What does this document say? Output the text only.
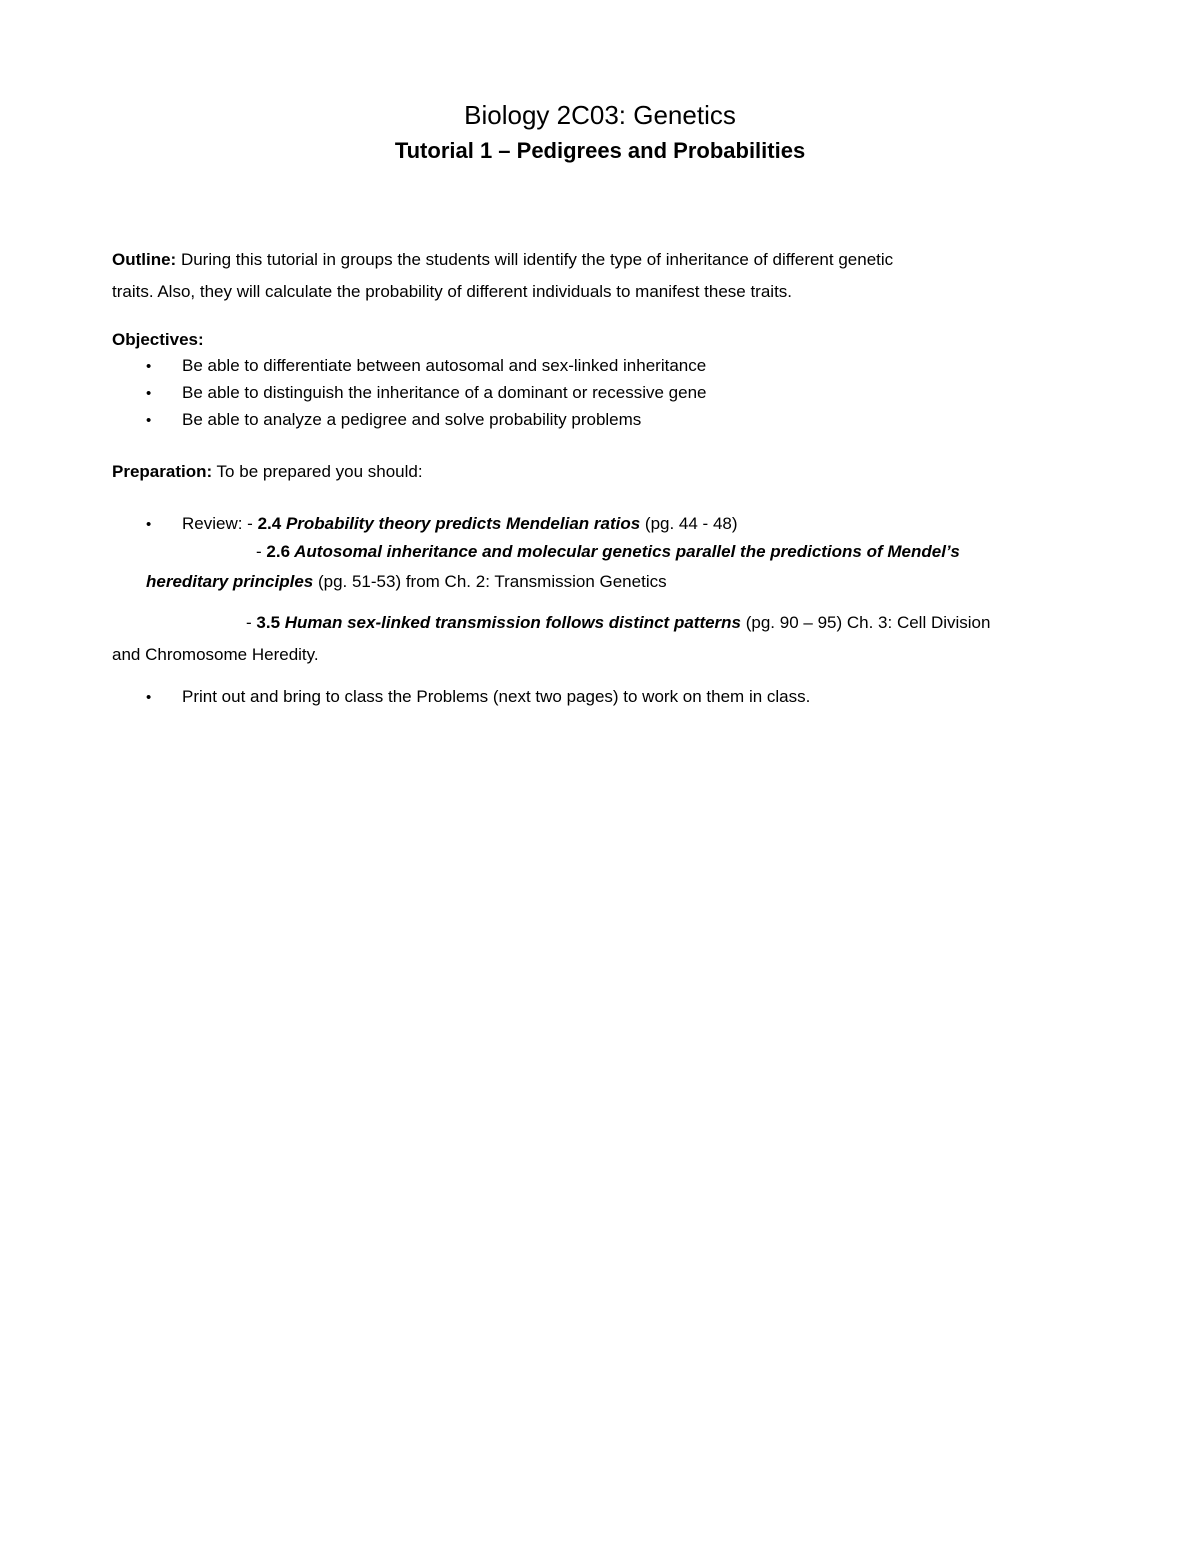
Biology 2C03: Genetics
Tutorial 1 – Pedigrees and Probabilities
Outline: During this tutorial in groups the students will identify the type of inheritance of different genetic
traits. Also, they will calculate the probability of different individuals to manifest these traits.
Objectives:
• Be able to differentiate between autosomal and sex-linked inheritance
• Be able to distinguish the inheritance of a dominant or recessive gene
• Be able to analyze a pedigree and solve probability problems
Preparation: To be prepared you should:
• Review: - 2.4 Probability theory predicts Mendelian ratios (pg. 44 - 48)
- 2.6 Autosomal inheritance and molecular genetics parallel the predictions of Mendel’s
hereditary principles (pg. 51-53) from Ch. 2: Transmission Genetics
- 3.5 Human sex-linked transmission follows distinct patterns (pg. 90 – 95) Ch. 3: Cell Division
and Chromosome Heredity.
• Print out and bring to class the Problems (next two pages) to work on them in class.
